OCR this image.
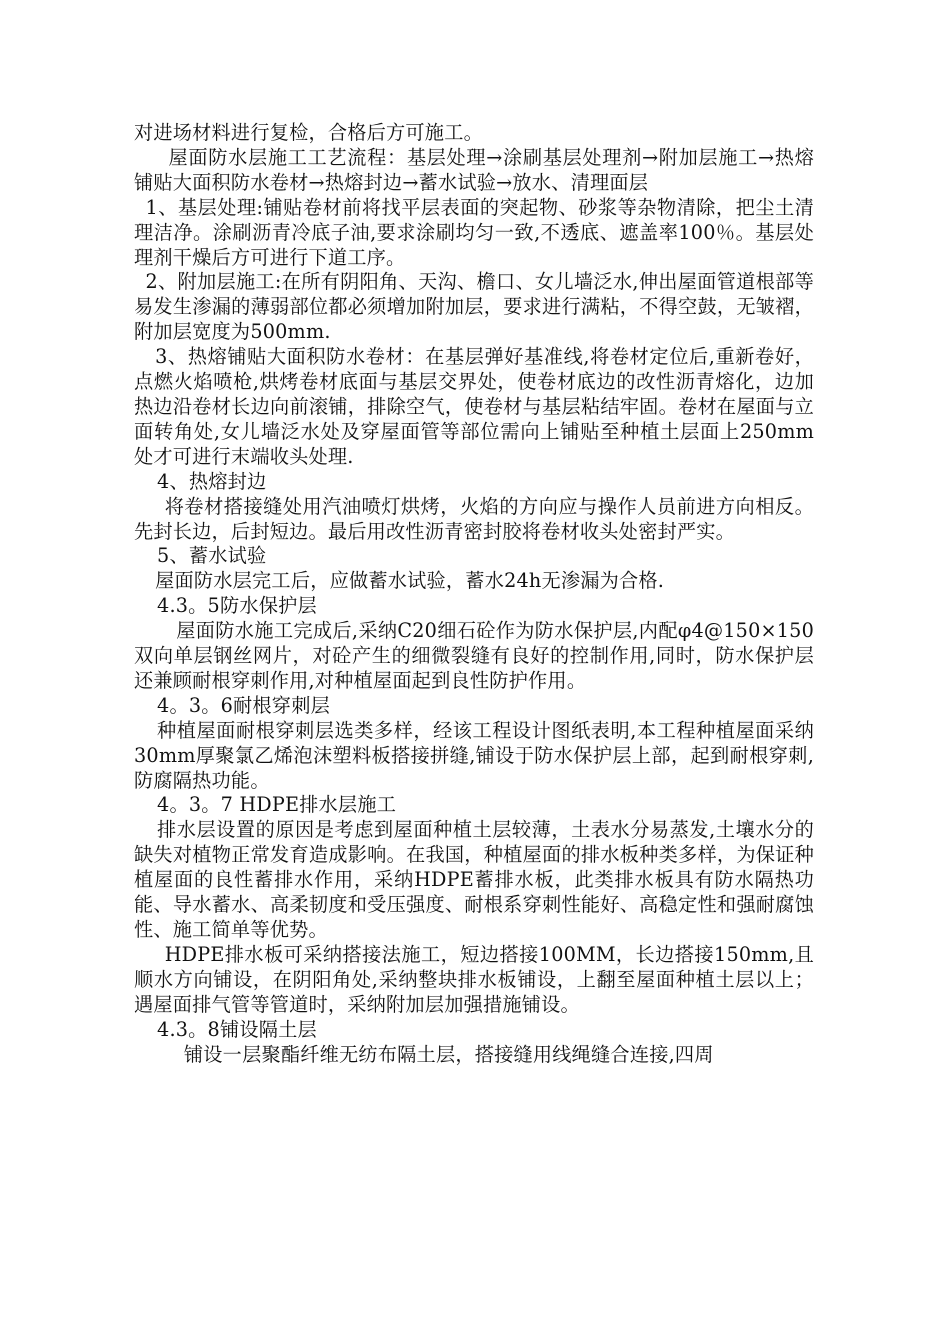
对进场材料进行复检，合格后方可施工。

屋面防水层施工工艺流程：基层处理→涂刷基层处理剂→附加层施工→热熔铺贴大面积防水卷材→热熔封边→蓄水试验→放水、清理面层

1、基层处理:铺贴卷材前将找平层表面的突起物、砂浆等杂物清除，把尘土清理洁净。涂刷沥青冷底子油,要求涂刷均匀一致,不透底、遮盖率100％。基层处理剂干燥后方可进行下道工序。

2、附加层施工:在所有阴阳角、天沟、檐口、女儿墙泛水,伸出屋面管道根部等易发生渗漏的薄弱部位都必须增加附加层，要求进行满粘，不得空鼓，无皱褶，附加层宽度为500mm.

3、热熔铺贴大面积防水卷材：在基层弹好基准线,将卷材定位后,重新卷好，点燃火焰喷枪,烘烤卷材底面与基层交界处，使卷材底边的改性沥青熔化，边加热边沿卷材长边向前滚铺，排除空气，使卷材与基层粘结牢固。卷材在屋面与立面转角处,女儿墙泛水处及穿屋面管等部位需向上铺贴至种植土层面上250mm处才可进行末端收头处理.

4、热熔封边

将卷材搭接缝处用汽油喷灯烘烤，火焰的方向应与操作人员前进方向相反。先封长边，后封短边。最后用改性沥青密封胶将卷材收头处密封严实。

5、蓄水试验

屋面防水层完工后，应做蓄水试验，蓄水24h无渗漏为合格.

4.3。5防水保护层

屋面防水施工完成后,采纳C20细石砼作为防水保护层,内配φ4@150×150双向单层钢丝网片，对砼产生的细微裂缝有良好的控制作用,同时，防水保护层还兼顾耐根穿刺作用,对种植屋面起到良性防护作用。

4。3。6耐根穿刺层

种植屋面耐根穿刺层选类多样，经该工程设计图纸表明,本工程种植屋面采纳30mm厚聚氯乙烯泡沫塑料板搭接拼缝,铺设于防水保护层上部，起到耐根穿刺,防腐隔热功能。

4。3。7 HDPE排水层施工

排水层设置的原因是考虑到屋面种植土层较薄，土表水分易蒸发,土壤水分的缺失对植物正常发育造成影响。在我国，种植屋面的排水板种类多样，为保证种植屋面的良性蓄排水作用，采纳HDPE蓄排水板，此类排水板具有防水隔热功能、导水蓄水、高柔韧度和受压强度、耐根系穿刺性能好、高稳定性和强耐腐蚀性、施工简单等优势。

HDPE排水板可采纳搭接法施工，短边搭接100MM，长边搭接150mm,且顺水方向铺设，在阴阳角处,采纳整块排水板铺设，上翻至屋面种植土层以上；遇屋面排气管等管道时，采纳附加层加强措施铺设。

4.3。8铺设隔土层

铺设一层聚酯纤维无纺布隔土层，搭接缝用线绳缝合连接,四周
